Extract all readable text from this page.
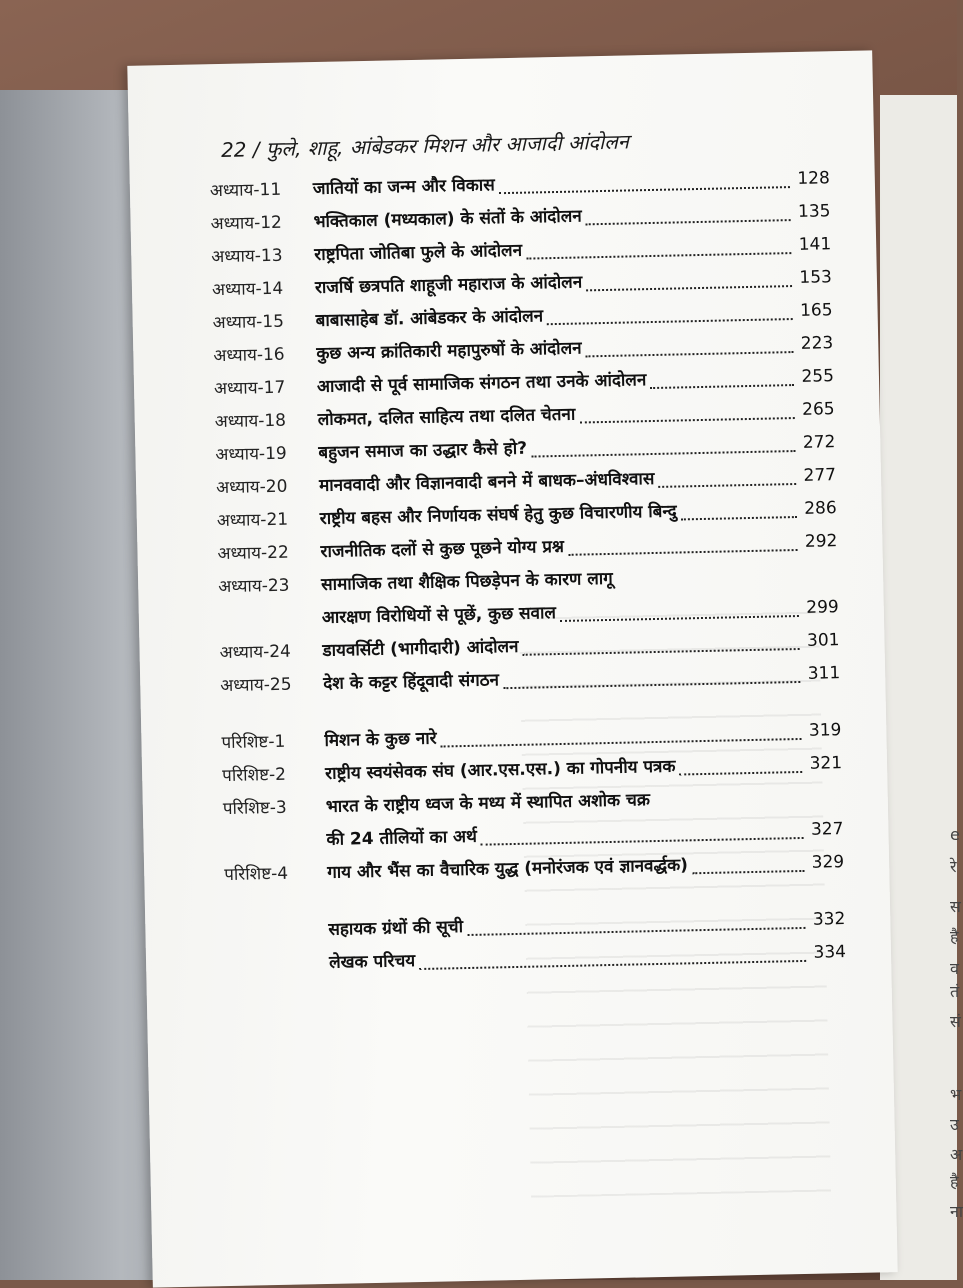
e
रे
स
है
व
तं
सं
भ
उ
अ
है
ना
22 / फुले, शाहू, आंबेडकर मिशन और आजादी आंदोलन
अध्याय-11	जातियों का जन्म और विकास	128
अध्याय-12	भक्तिकाल (मध्यकाल) के संतों के आंदोलन	135
अध्याय-13	राष्ट्रपिता जोतिबा फुले के आंदोलन	141
अध्याय-14	राजर्षि छत्रपति शाहूजी महाराज के आंदोलन	153
अध्याय-15	बाबासाहेब डॉ. आंबेडकर के आंदोलन	165
अध्याय-16	कुछ अन्य क्रांतिकारी महापुरुषों के आंदोलन	223
अध्याय-17	आजादी से पूर्व सामाजिक संगठन तथा उनके आंदोलन	255
अध्याय-18	लोकमत, दलित साहित्य तथा दलित चेतना	265
अध्याय-19	बहुजन समाज का उद्धार कैसे हो?	272
अध्याय-20	मानववादी और विज्ञानवादी बनने में बाधक–अंधविश्वास	277
अध्याय-21	राष्ट्रीय बहस और निर्णायक संघर्ष हेतु कुछ विचारणीय बिन्दु	286
अध्याय-22	राजनीतिक दलों से कुछ पूछने योग्य प्रश्न	292
अध्याय-23	सामाजिक तथा शैक्षिक पिछड़ेपन के कारण लागू
आरक्षण विरोधियों से पूछें, कुछ सवाल	299
अध्याय-24	डायवर्सिटी (भागीदारी) आंदोलन	301
अध्याय-25	देश के कट्टर हिंदूवादी संगठन	311
परिशिष्ट-1	मिशन के कुछ नारे	319
परिशिष्ट-2	राष्ट्रीय स्वयंसेवक संघ (आर.एस.एस.) का गोपनीय पत्रक	321
परिशिष्ट-3	भारत के राष्ट्रीय ध्वज के मध्य में स्थापित अशोक चक्र
की 24 तीलियों का अर्थ	327
परिशिष्ट-4	गाय और भैंस का वैचारिक युद्ध (मनोरंजक एवं ज्ञानवर्द्धक)	329
सहायक ग्रंथों की सूची	332
लेखक परिचय	334
